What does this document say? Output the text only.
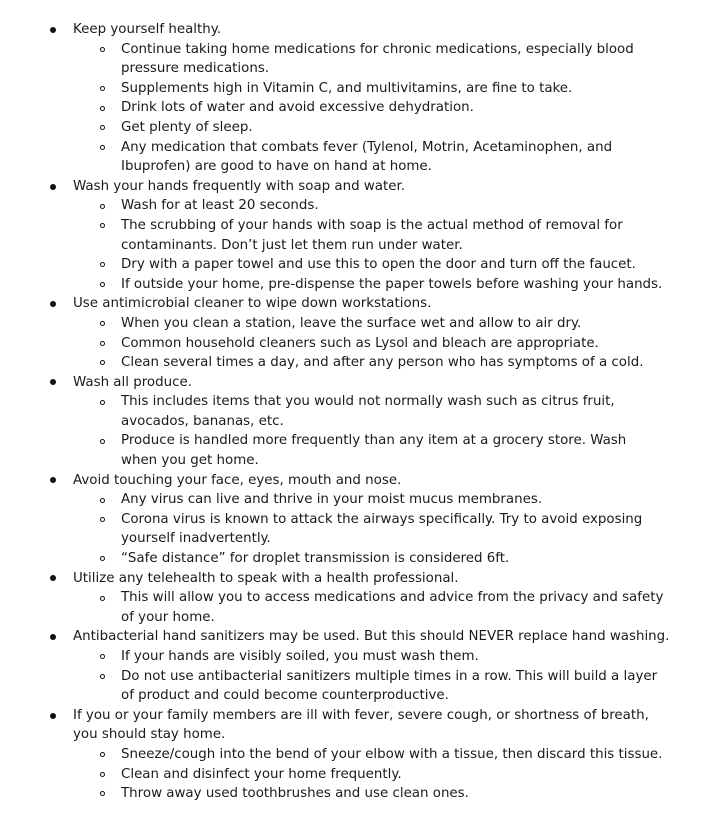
Keep yourself healthy.
Continue taking home medications for chronic medications, especially blood
pressure medications.
Supplements high in Vitamin C, and multivitamins, are fine to take.
Drink lots of water and avoid excessive dehydration.
Get plenty of sleep.
Any medication that combats fever (Tylenol, Motrin, Acetaminophen, and
Ibuprofen) are good to have on hand at home.
Wash your hands frequently with soap and water.
Wash for at least 20 seconds.
The scrubbing of your hands with soap is the actual method of removal for
contaminants. Don’t just let them run under water.
Dry with a paper towel and use this to open the door and turn off the faucet.
If outside your home, pre-dispense the paper towels before washing your hands.
Use antimicrobial cleaner to wipe down workstations.
When you clean a station, leave the surface wet and allow to air dry.
Common household cleaners such as Lysol and bleach are appropriate.
Clean several times a day, and after any person who has symptoms of a cold.
Wash all produce.
This includes items that you would not normally wash such as citrus fruit,
avocados, bananas, etc.
Produce is handled more frequently than any item at a grocery store. Wash
when you get home.
Avoid touching your face, eyes, mouth and nose.
Any virus can live and thrive in your moist mucus membranes.
Corona virus is known to attack the airways specifically. Try to avoid exposing
yourself inadvertently.
“Safe distance” for droplet transmission is considered 6ft.
Utilize any telehealth to speak with a health professional.
This will allow you to access medications and advice from the privacy and safety
of your home.
Antibacterial hand sanitizers may be used. But this should NEVER replace hand washing.
If your hands are visibly soiled, you must wash them.
Do not use antibacterial sanitizers multiple times in a row. This will build a layer
of product and could become counterproductive.
If you or your family members are ill with fever, severe cough, or shortness of breath,
you should stay home.
Sneeze/cough into the bend of your elbow with a tissue, then discard this tissue.
Clean and disinfect your home frequently.
Throw away used toothbrushes and use clean ones.
